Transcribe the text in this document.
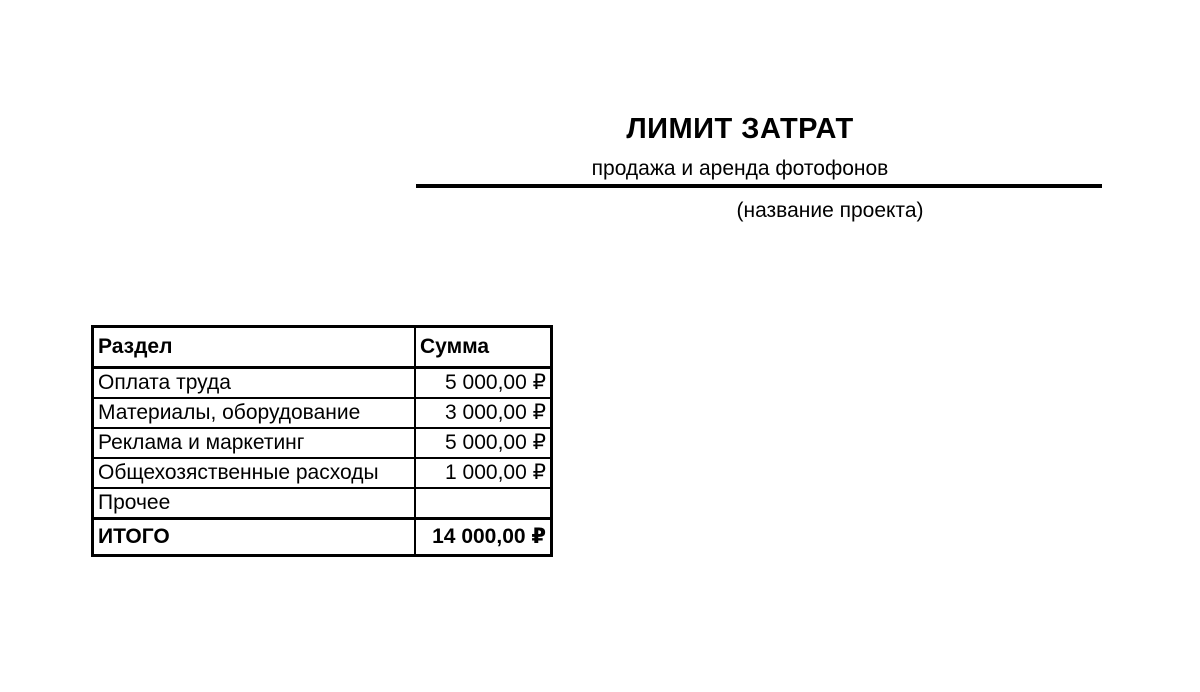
ЛИМИТ ЗАТРАТ
продажа и аренда фотофонов
(название проекта)
Раздел	Сумма
Оплата труда	5 000,00 ₽
Материалы, оборудование	3 000,00 ₽
Реклама и маркетинг	5 000,00 ₽
Общехозяственные расходы	1 000,00 ₽
Прочее	
ИТОГО	14 000,00 ₽
